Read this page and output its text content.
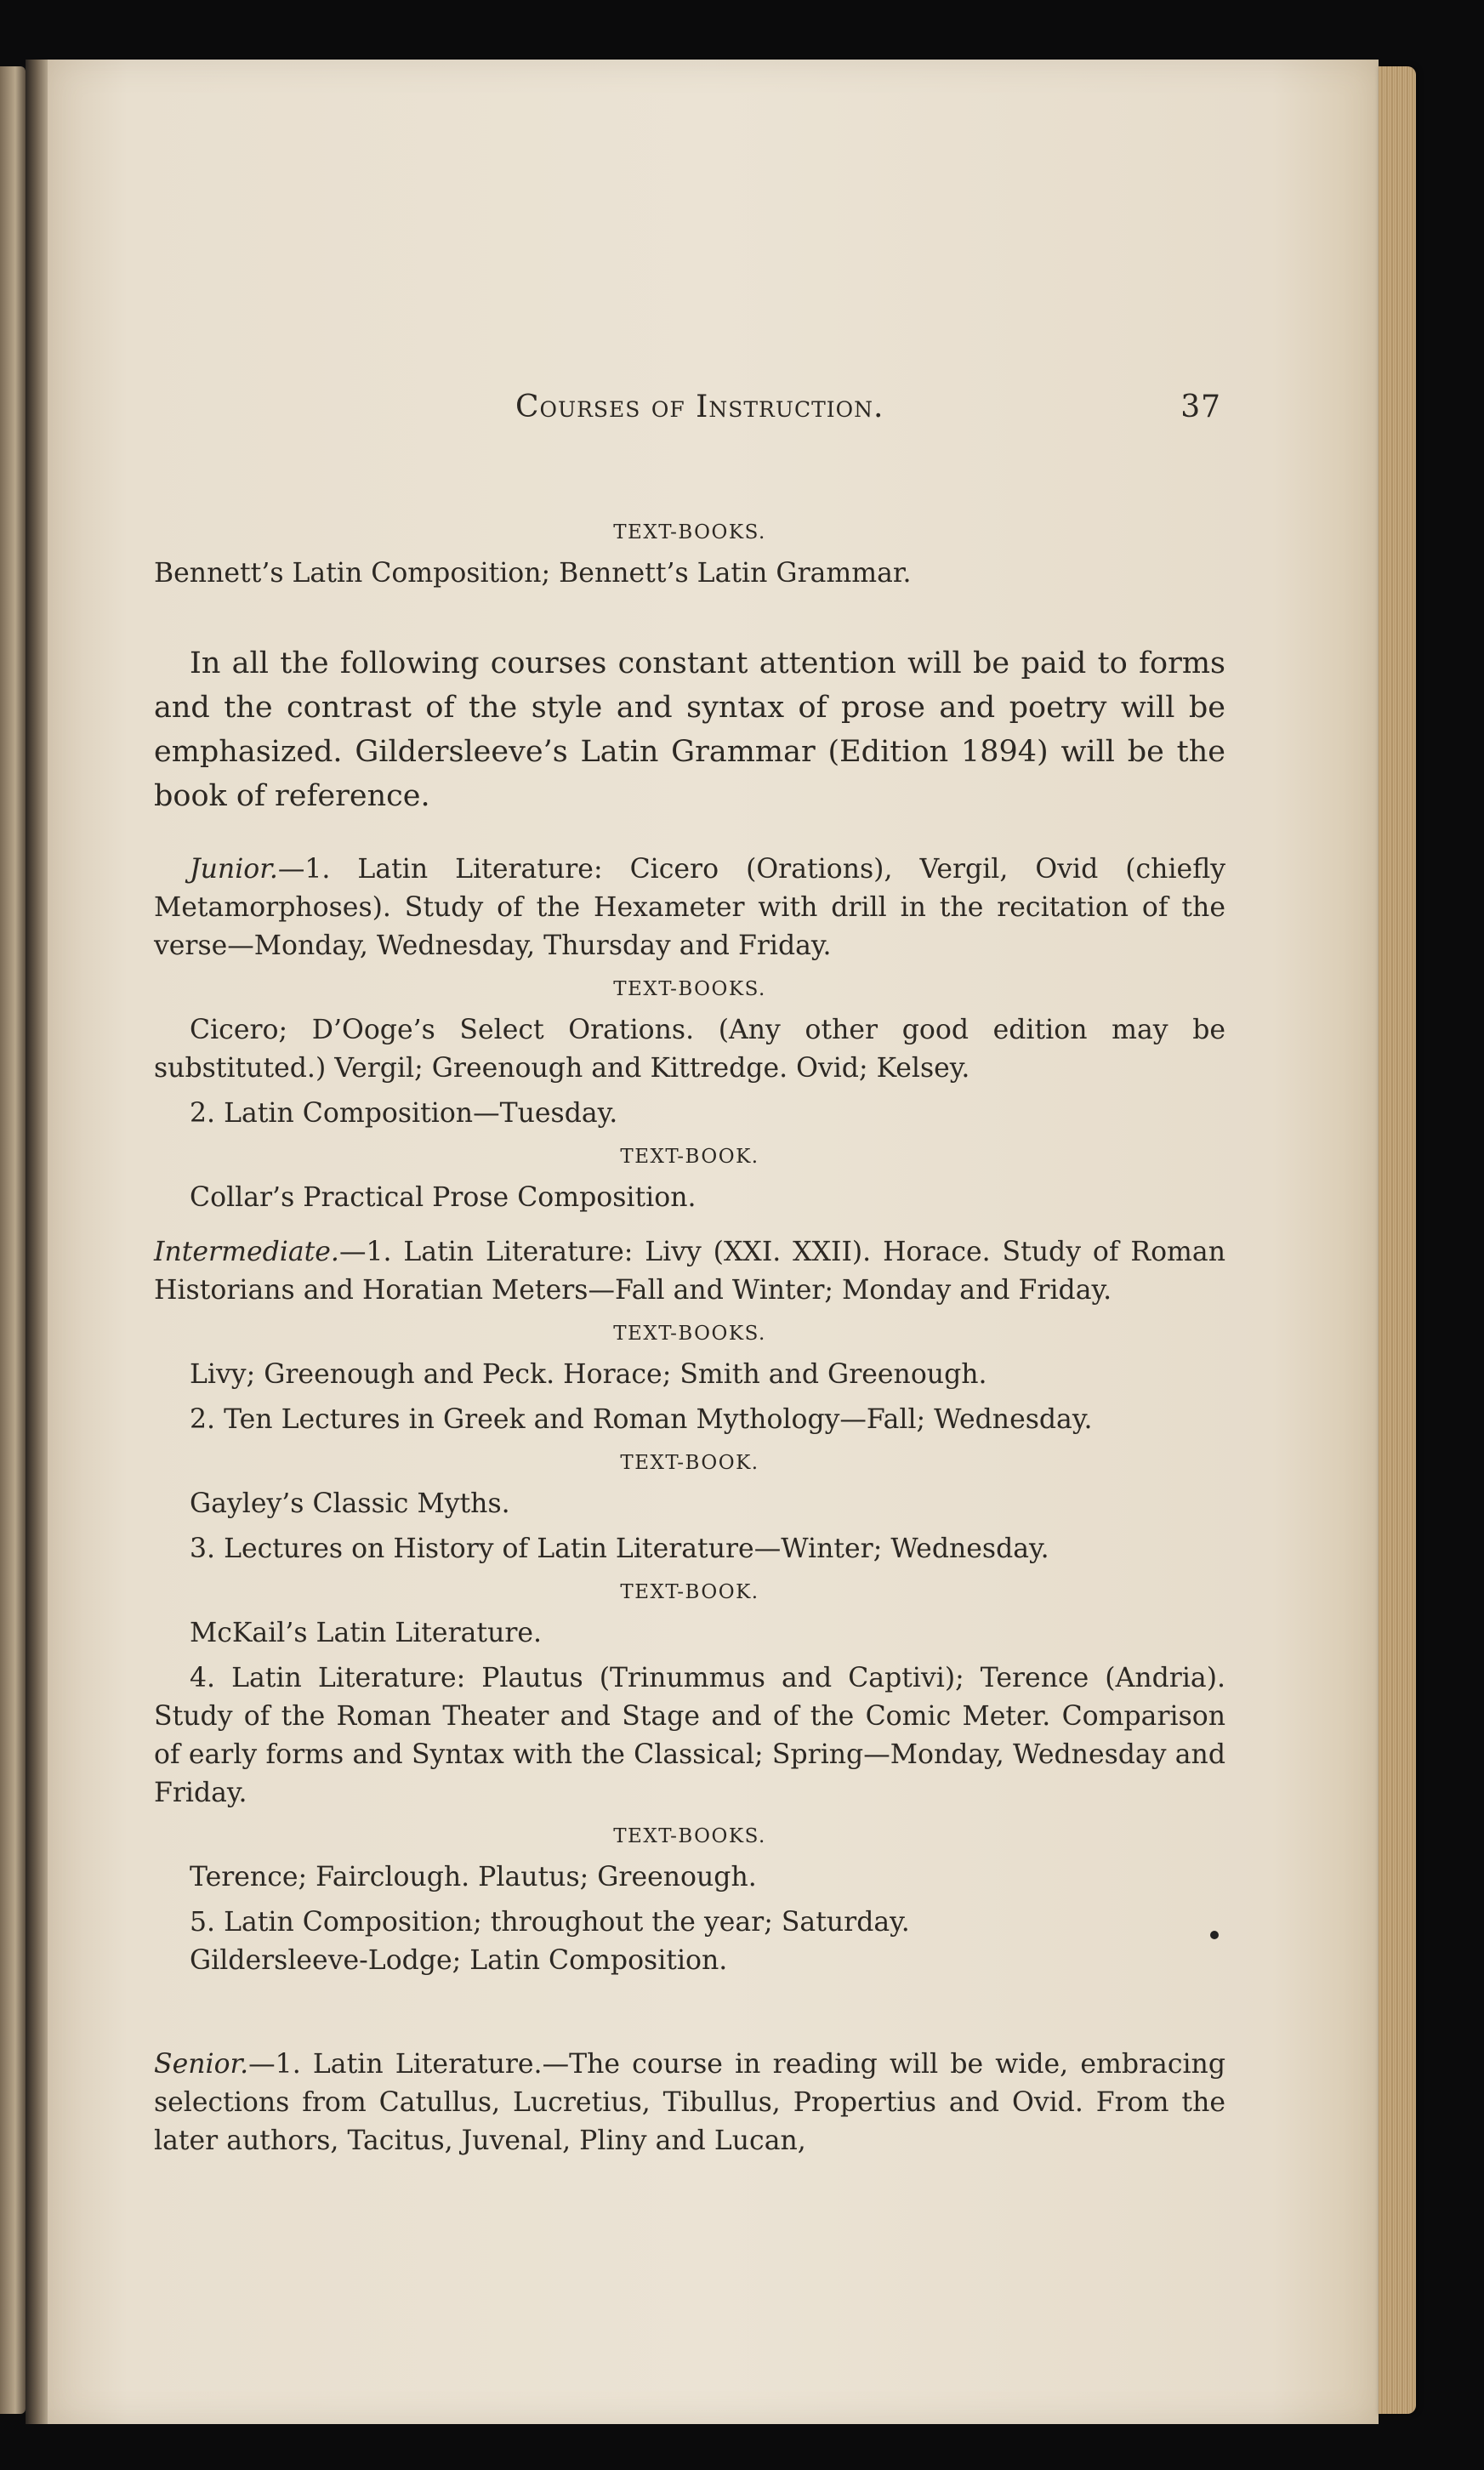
Courses of Instruction.	37
TEXT-BOOKS.

Bennett’s Latin Composition; Bennett’s Latin Grammar.

In all the following courses constant attention will be paid to forms and the contrast of the style and syntax of prose and poetry will be emphasized. Gildersleeve’s Latin Grammar (Edition 1894) will be the book of reference.

Junior.—1. Latin Literature: Cicero (Orations), Vergil, Ovid (chiefly Metamorphoses). Study of the Hexameter with drill in the recitation of the verse—Monday, Wednesday, Thursday and Friday.

TEXT-BOOKS.

Cicero; D’Ooge’s Select Orations. (Any other good edition may be substituted.) Vergil; Greenough and Kittredge. Ovid; Kelsey.

2. Latin Composition—Tuesday.

TEXT-BOOK.

Collar’s Practical Prose Composition.

Intermediate.—1. Latin Literature: Livy (XXI. XXII). Horace. Study of Roman Historians and Horatian Meters—Fall and Winter; Monday and Friday.

TEXT-BOOKS.

Livy; Greenough and Peck. Horace; Smith and Greenough.

2. Ten Lectures in Greek and Roman Mythology—Fall; Wednesday.

TEXT-BOOK.

Gayley’s Classic Myths.

3. Lectures on History of Latin Literature—Winter; Wednesday.

TEXT-BOOK.

McKail’s Latin Literature.

4. Latin Literature: Plautus (Trinummus and Captivi); Terence (Andria). Study of the Roman Theater and Stage and of the Comic Meter. Comparison of early forms and Syntax with the Classical; Spring—Monday, Wednesday and Friday.

TEXT-BOOKS.

Terence; Fairclough. Plautus; Greenough.

5. Latin Composition; throughout the year; Saturday.

Gildersleeve-Lodge; Latin Composition.

Senior.—1. Latin Literature.—The course in reading will be wide, embracing selections from Catullus, Lucretius, Tibullus, Propertius and Ovid. From the later authors, Tacitus, Juvenal, Pliny and Lucan,
